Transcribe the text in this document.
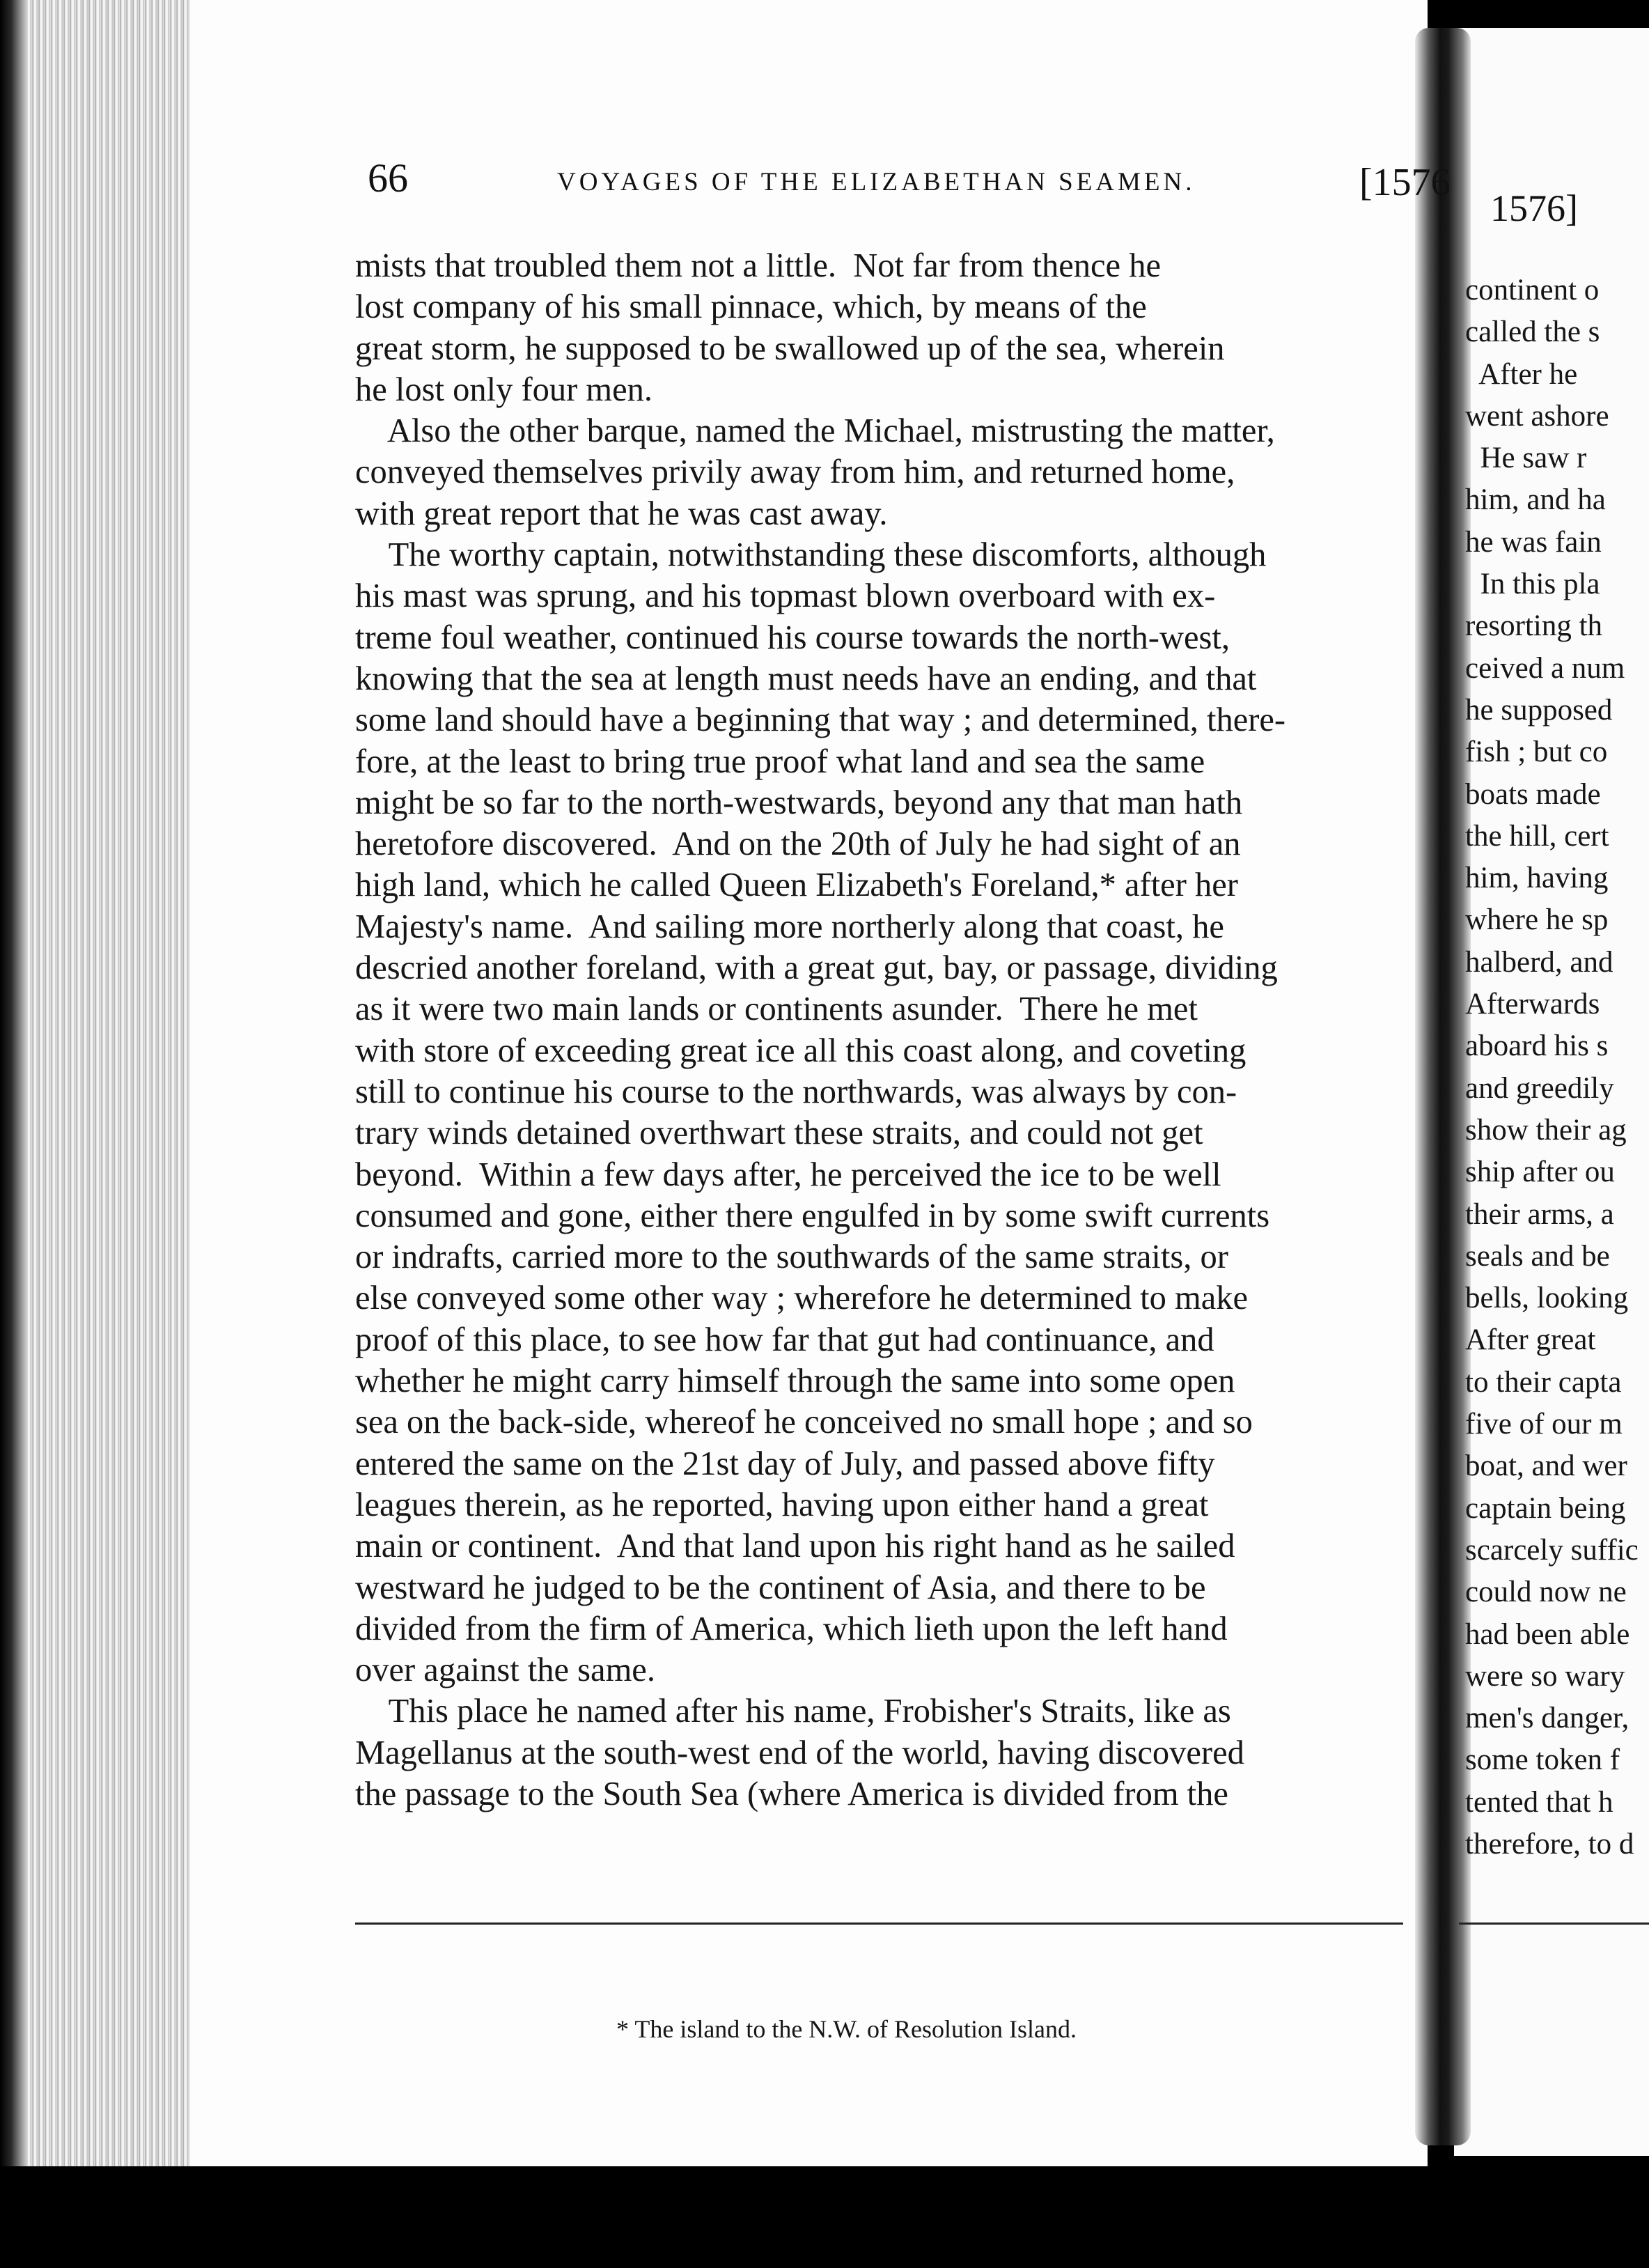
66	VOYAGES OF THE ELIZABETHAN SEAMEN.	[1576
mists that troubled them not a little.  Not far from thence he
lost company of his small pinnace, which, by means of the
great storm, he supposed to be swallowed up of the sea, wherein
he lost only four men.
Also the other barque, named the Michael, mistrusting the matter,
conveyed themselves privily away from him, and returned home,
with great report that he was cast away.
The worthy captain, notwithstanding these discomforts, although
his mast was sprung, and his topmast blown overboard with ex-
treme foul weather, continued his course towards the north-west,
knowing that the sea at length must needs have an ending, and that
some land should have a beginning that way ; and determined, there-
fore, at the least to bring true proof what land and sea the same
might be so far to the north-westwards, beyond any that man hath
heretofore discovered.  And on the 20th of July he had sight of an
high land, which he called Queen Elizabeth's Foreland,* after her
Majesty's name.  And sailing more northerly along that coast, he
descried another foreland, with a great gut, bay, or passage, dividing
as it were two main lands or continents asunder.  There he met
with store of exceeding great ice all this coast along, and coveting
still to continue his course to the northwards, was always by con-
trary winds detained overthwart these straits, and could not get
beyond.  Within a few days after, he perceived the ice to be well
consumed and gone, either there engulfed in by some swift currents
or indrafts, carried more to the southwards of the same straits, or
else conveyed some other way ; wherefore he determined to make
proof of this place, to see how far that gut had continuance, and
whether he might carry himself through the same into some open
sea on the back-side, whereof he conceived no small hope ; and so
entered the same on the 21st day of July, and passed above fifty
leagues therein, as he reported, having upon either hand a great
main or continent.  And that land upon his right hand as he sailed
westward he judged to be the continent of Asia, and there to be
divided from the firm of America, which lieth upon the left hand
over against the same.
This place he named after his name, Frobisher's Straits, like as
Magellanus at the south-west end of the world, having discovered
the passage to the South Sea (where America is divided from the
* The island to the N.W. of Resolution Island.
1576]
continent o
called the s
After he
went ashore
He saw r
him, and ha
he was fain
In this pla
resorting th
ceived a num
he supposed
fish ; but co
boats made
the hill, cert
him, having
where he sp
halberd, and
Afterwards
aboard his s
and greedily
show their ag
ship after ou
their arms, a
seals and be
bells, looking
After great
to their capta
five of our m
boat, and wer
captain being
scarcely suffic
could now ne
had been able
were so wary
men's danger,
some token f
tented that h
therefore, to d
